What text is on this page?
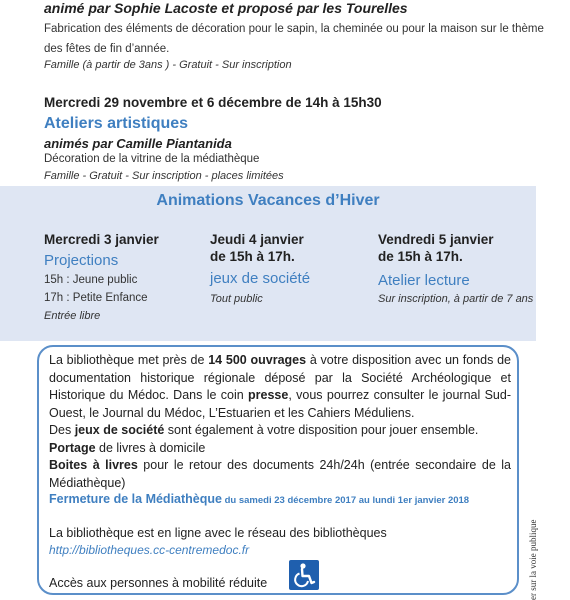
animé par Sophie Lacoste et proposé par les Tourelles
Fabrication des éléments de décoration pour le sapin, la cheminée ou pour la maison sur le thème des fêtes de fin d’année.
Famille (à partir de 3ans ) - Gratuit - Sur inscription
Mercredi 29 novembre et 6 décembre de 14h à 15h30
Ateliers artistiques
animés par Camille Piantanida
Décoration de la vitrine de la médiathèque
Famille - Gratuit - Sur inscription - places limitées
Animations Vacances d’Hiver
Mercredi 3 janvier
Projections
15h : Jeune public
17h : Petite Enfance
Entrée libre
Jeudi 4 janvier
de 15h à 17h.
jeux de société
Tout public
Vendredi 5 janvier
de 15h à 17h.
Atelier lecture
Sur inscription, à partir de 7 ans
La bibliothèque met près de 14 500 ouvrages à votre disposition avec un fonds de documentation historique régionale déposé par la Société Archéologique et Historique du Médoc. Dans le coin presse, vous pourrez consulter le journal Sud-Ouest, le Journal du Médoc, L’Estuarien et les Cahiers Méduliens.
Des jeux de société sont également à votre disposition pour jouer ensemble.
Portage de livres à domicile
Boites à livres pour le retour des documents 24h/24h (entrée secondaire de la Médiathèque)
Fermeture de la Médiathèque du samedi 23 décembre 2017 au lundi 1er janvier 2018
La bibliothèque est en ligne avec le réseau des bibliothèques
http://bibliotheques.cc-centremedoc.fr
Accès aux personnes à mobilité réduite	er sur la voie publique
